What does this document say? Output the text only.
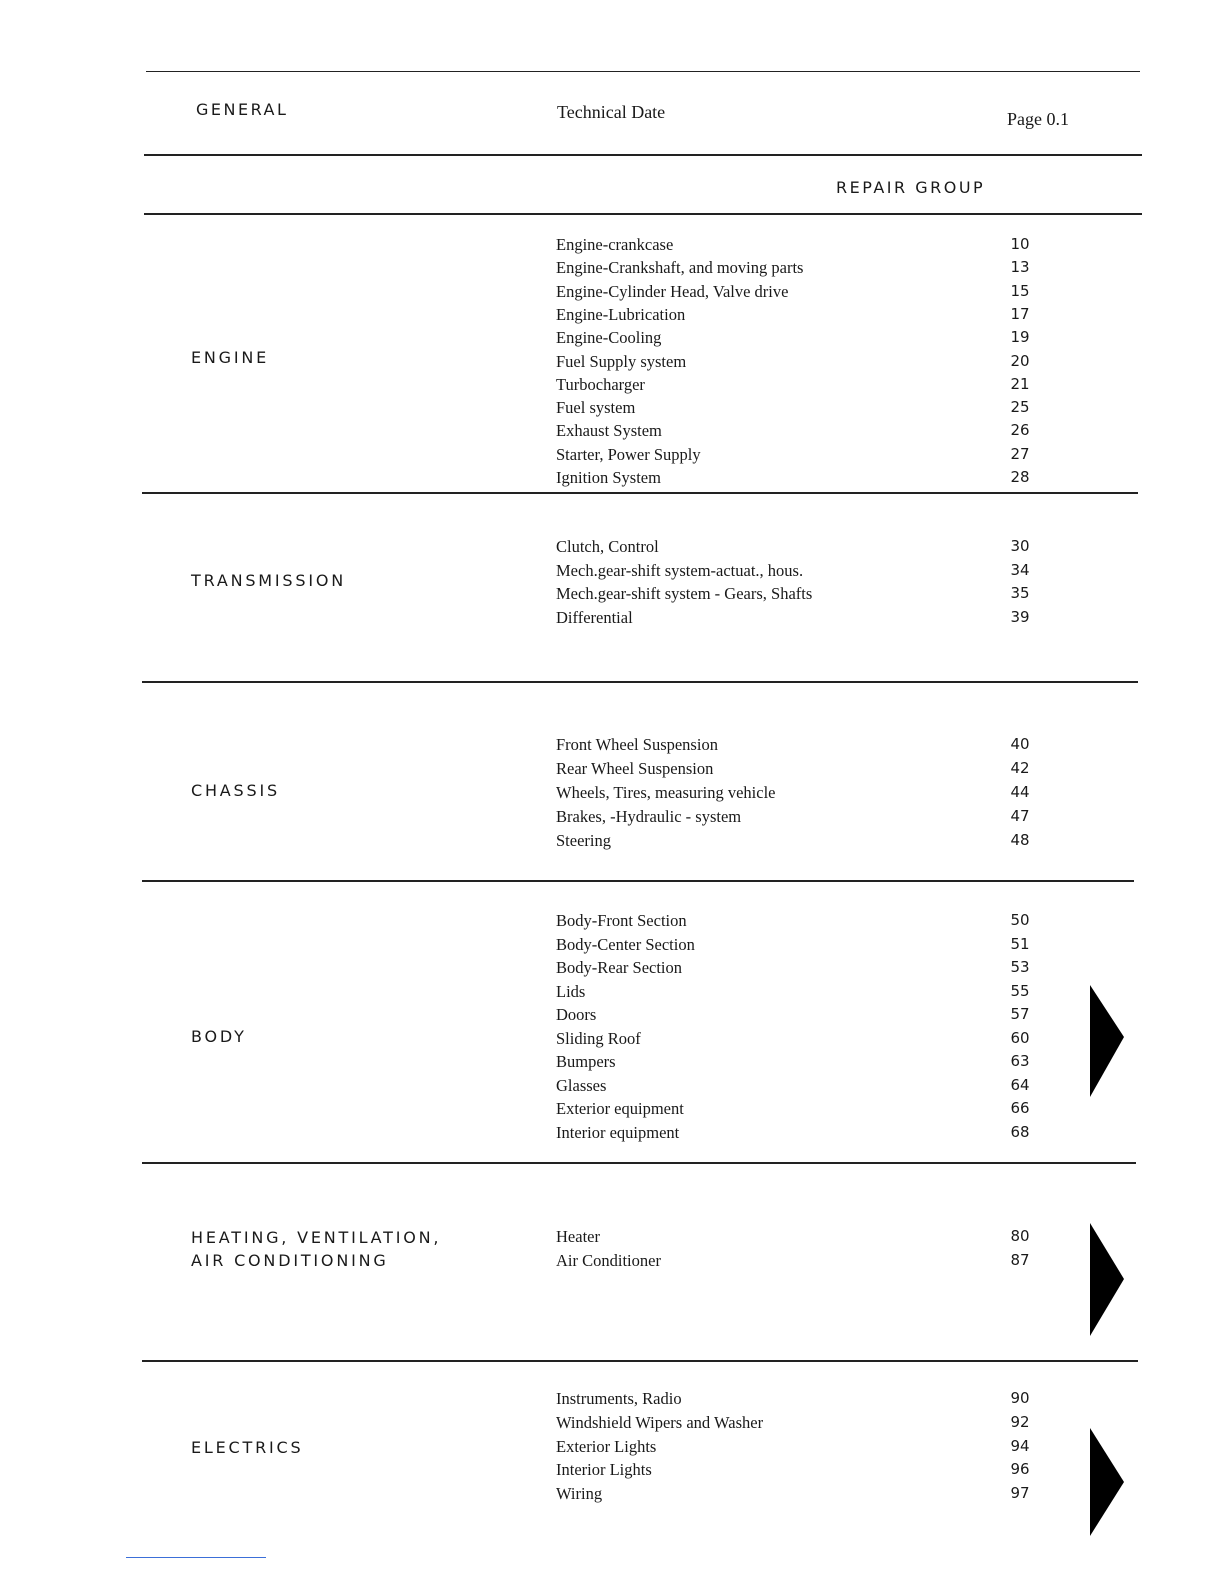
GENERAL	Technical Date	Page 0.1
REPAIR GROUP
ENGINE
Engine-crankcase	10
Engine-Crankshaft, and moving parts	13
Engine-Cylinder Head, Valve drive	15
Engine-Lubrication	17
Engine-Cooling	19
Fuel Supply system	20
Turbocharger	21
Fuel system	25
Exhaust System	26
Starter, Power Supply	27
Ignition System	28
TRANSMISSION
Clutch, Control	30
Mech.gear-shift system-actuat., hous.	34
Mech.gear-shift system - Gears, Shafts	35
Differential	39
CHASSIS
Front Wheel Suspension	40
Rear Wheel Suspension	42
Wheels, Tires, measuring vehicle	44
Brakes, -Hydraulic - system	47
Steering	48
BODY
Body-Front Section	50
Body-Center Section	51
Body-Rear Section	53
Lids	55
Doors	57
Sliding Roof	60
Bumpers	63
Glasses	64
Exterior equipment	66
Interior equipment	68
HEATING, VENTILATION,
AIR CONDITIONING
Heater	80
Air Conditioner	87
ELECTRICS
Instruments, Radio	90
Windshield Wipers and Washer	92
Exterior Lights	94
Interior Lights	96
Wiring	97
